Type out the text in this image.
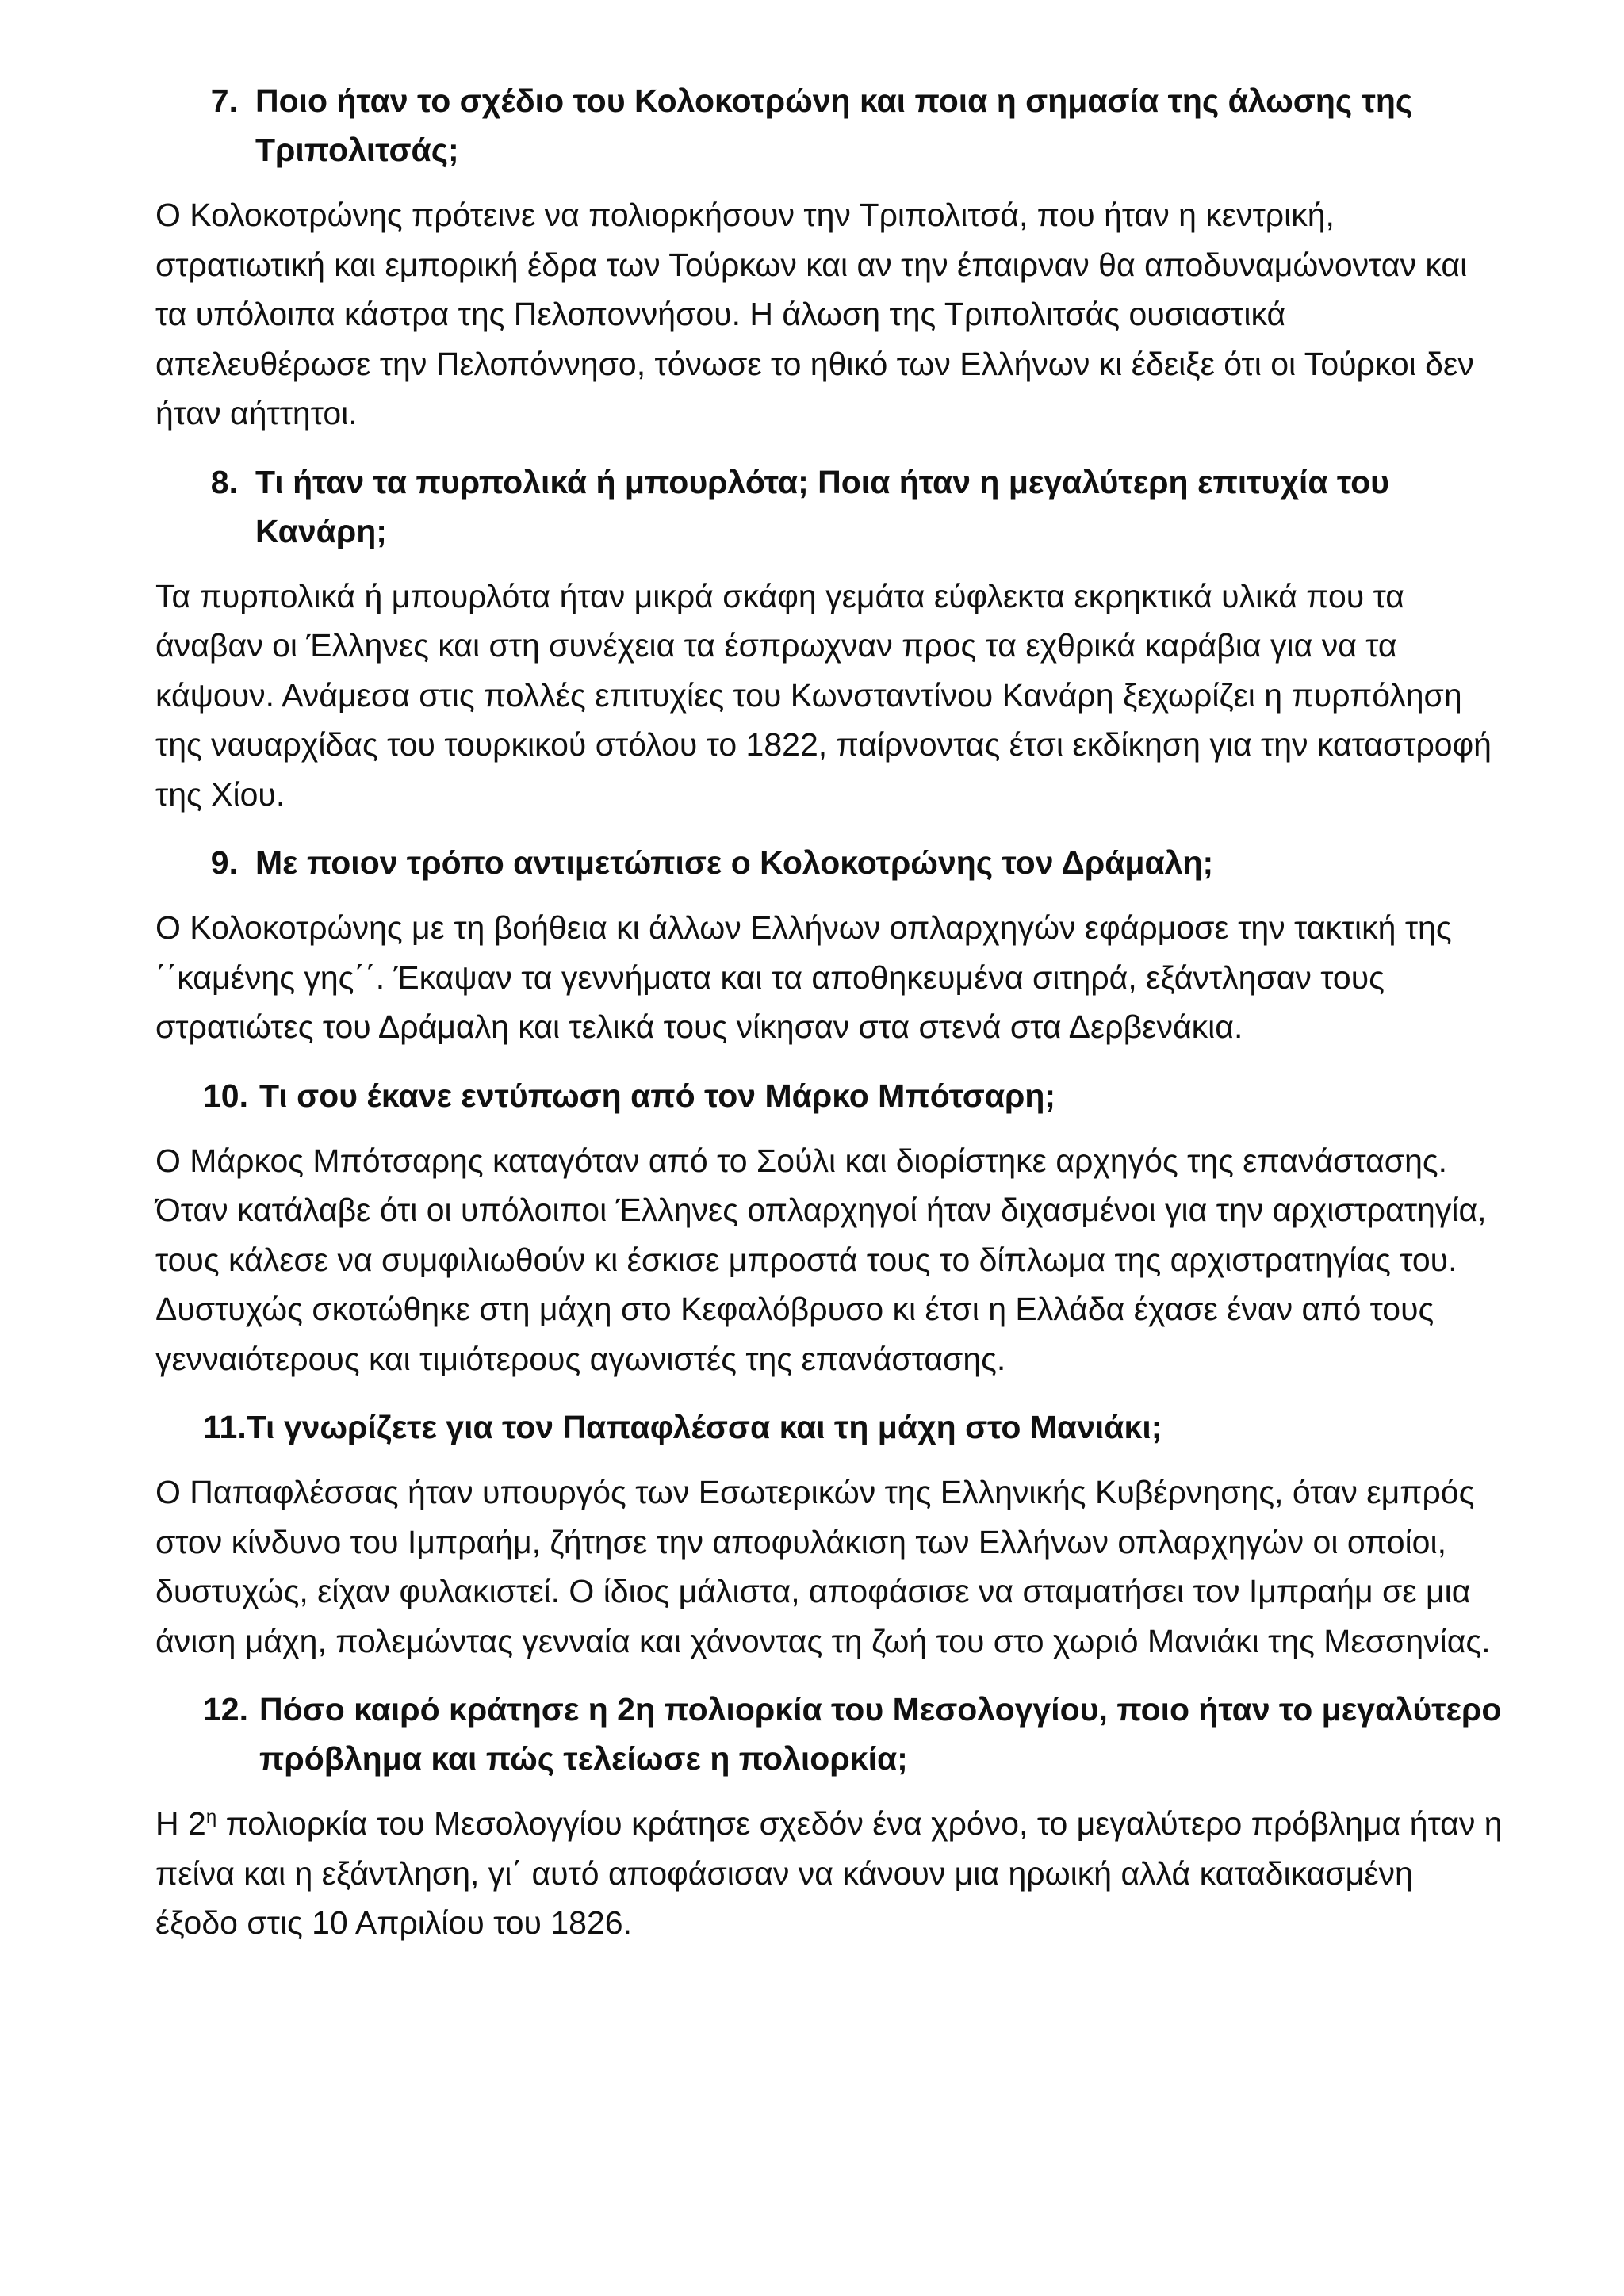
7. Ποιο ήταν το σχέδιο του Κολοκοτρώνη και ποια η σημασία της άλωσης της Τριπολιτσάς;

Ο Κολοκοτρώνης πρότεινε να πολιορκήσουν την Τριπολιτσά, που ήταν η κεντρική, στρατιωτική και εμπορική έδρα των Τούρκων και αν την έπαιρναν θα αποδυναμώνονταν και τα υπόλοιπα κάστρα της Πελοποννήσου. Η άλωση της Τριπολιτσάς ουσιαστικά απελευθέρωσε την Πελοπόννησο, τόνωσε το ηθικό των Ελλήνων κι έδειξε ότι οι Τούρκοι δεν ήταν αήττητοι.

8. Τι ήταν τα πυρπολικά ή μπουρλότα; Ποια ήταν η μεγαλύτερη επιτυχία του Κανάρη;

Τα πυρπολικά ή μπουρλότα ήταν μικρά σκάφη γεμάτα εύφλεκτα εκρηκτικά υλικά που τα άναβαν οι Έλληνες και στη συνέχεια τα έσπρωχναν προς τα εχθρικά καράβια για να τα κάψουν. Ανάμεσα στις πολλές επιτυχίες του Κωνσταντίνου Κανάρη ξεχωρίζει η πυρπόληση της ναυαρχίδας του τουρκικού στόλου το 1822, παίρνοντας έτσι εκδίκηση για την καταστροφή της Χίου.

9. Με ποιον τρόπο αντιμετώπισε ο Κολοκοτρώνης τον Δράμαλη;

Ο Κολοκοτρώνης με τη βοήθεια κι άλλων Ελλήνων οπλαρχηγών εφάρμοσε την τακτική της ΄΄καμένης γης΄΄. Έκαψαν τα γεννήματα και τα αποθηκευμένα σιτηρά, εξάντλησαν τους στρατιώτες του Δράμαλη και τελικά τους νίκησαν στα στενά στα Δερβενάκια.

10. Τι σου έκανε εντύπωση από τον Μάρκο Μπότσαρη;

Ο Μάρκος Μπότσαρης καταγόταν από το Σούλι και διορίστηκε αρχηγός της επανάστασης. Όταν κατάλαβε ότι οι υπόλοιποι Έλληνες οπλαρχηγοί ήταν διχασμένοι για την αρχιστρατηγία, τους κάλεσε να συμφιλιωθούν κι έσκισε μπροστά τους το δίπλωμα της αρχιστρατηγίας του. Δυστυχώς σκοτώθηκε στη μάχη στο Κεφαλόβρυσο κι έτσι η Ελλάδα έχασε έναν από τους γενναιότερους και τιμιότερους αγωνιστές της επανάστασης.

11. Τι γνωρίζετε για τον Παπαφλέσσα και τη μάχη στο Μανιάκι;

Ο Παπαφλέσσας ήταν υπουργός των Εσωτερικών της Ελληνικής Κυβέρνησης, όταν εμπρός στον κίνδυνο του Ιμπραήμ, ζήτησε την αποφυλάκιση των Ελλήνων οπλαρχηγών οι οποίοι, δυστυχώς, είχαν φυλακιστεί. Ο ίδιος μάλιστα, αποφάσισε να σταματήσει τον Ιμπραήμ σε μια άνιση μάχη, πολεμώντας γενναία και χάνοντας τη ζωή του στο χωριό Μανιάκι της Μεσσηνίας.

12. Πόσο καιρό κράτησε η 2η πολιορκία του Μεσολογγίου, ποιο ήταν το μεγαλύτερο πρόβλημα και πώς τελείωσε η πολιορκία;

Η $2^\eta$ πολιορκία του Μεσολογγίου κράτησε σχεδόν ένα χρόνο, το μεγαλύτερο πρόβλημα ήταν η πείνα και η εξάντληση, γι΄ αυτό αποφάσισαν να κάνουν μια ηρωική αλλά καταδικασμένη έξοδο στις 10 Απριλίου του 1826.
